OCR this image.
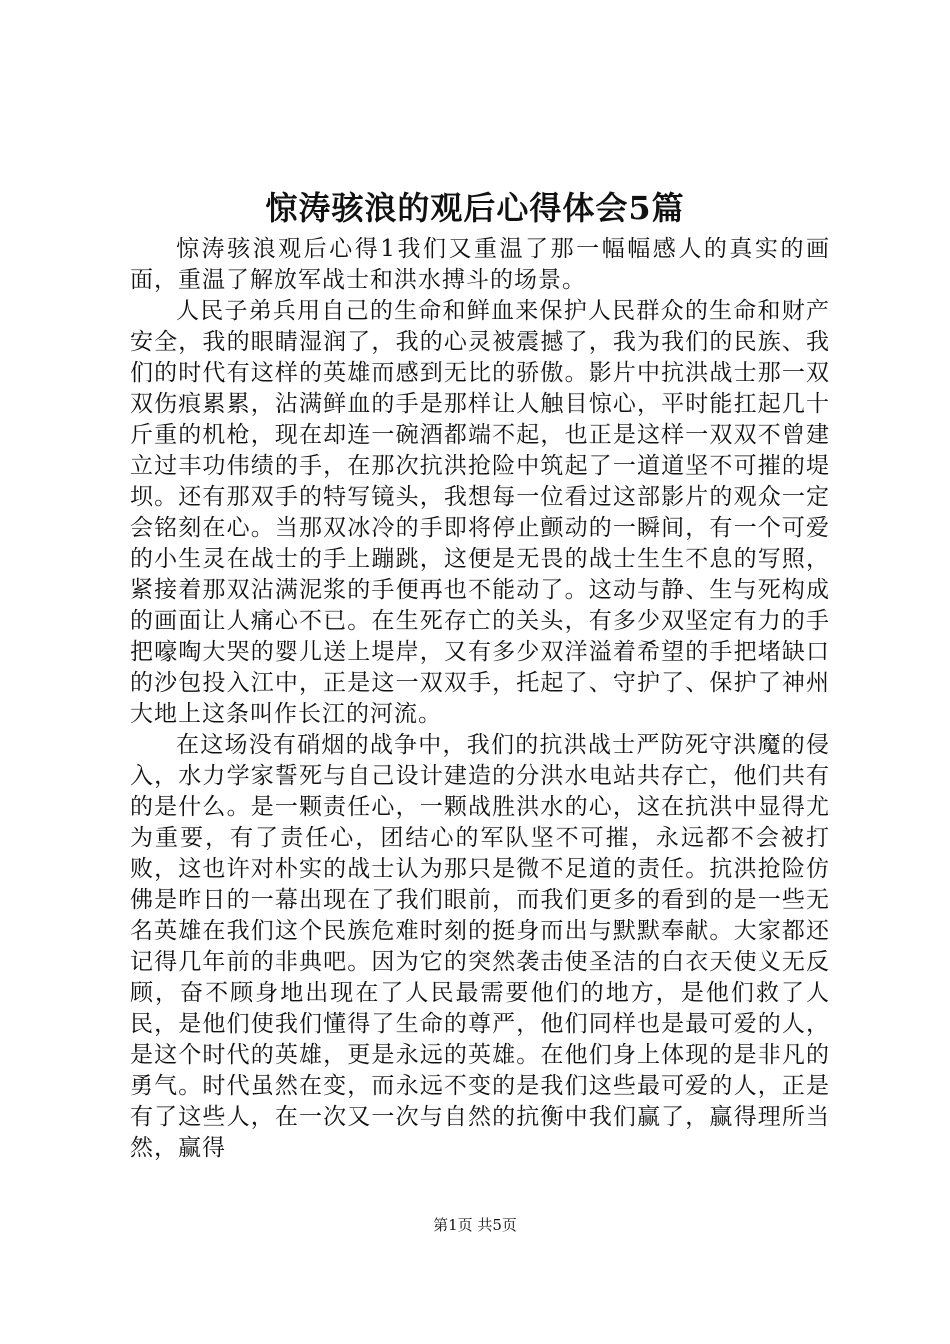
惊涛骇浪的观后心得体会5篇

惊涛骇浪观后心得1我们又重温了那一幅幅感人的真实的画面，重温了解放军战士和洪水搏斗的场景。

人民子弟兵用自己的生命和鲜血来保护人民群众的生命和财产安全，我的眼睛湿润了，我的心灵被震撼了，我为我们的民族、我们的时代有这样的英雄而感到无比的骄傲。影片中抗洪战士那一双双伤痕累累，沾满鲜血的手是那样让人触目惊心，平时能扛起几十斤重的机枪，现在却连一碗酒都端不起，也正是这样一双双不曾建立过丰功伟绩的手，在那次抗洪抢险中筑起了一道道坚不可摧的堤坝。还有那双手的特写镜头，我想每一位看过这部影片的观众一定会铭刻在心。当那双冰冷的手即将停止颤动的一瞬间，有一个可爱的小生灵在战士的手上蹦跳，这便是无畏的战士生生不息的写照，紧接着那双沾满泥浆的手便再也不能动了。这动与静、生与死构成的画面让人痛心不已。在生死存亡的关头，有多少双坚定有力的手把嚎啕大哭的婴儿送上堤岸，又有多少双洋溢着希望的手把堵缺口的沙包投入江中，正是这一双双手，托起了、守护了、保护了神州大地上这条叫作长江的河流。

在这场没有硝烟的战争中，我们的抗洪战士严防死守洪魔的侵入，水力学家誓死与自己设计建造的分洪水电站共存亡，他们共有的是什么。是一颗责任心，一颗战胜洪水的心，这在抗洪中显得尤为重要，有了责任心，团结心的军队坚不可摧，永远都不会被打败，这也许对朴实的战士认为那只是微不足道的责任。抗洪抢险仿佛是昨日的一幕出现在了我们眼前，而我们更多的看到的是一些无名英雄在我们这个民族危难时刻的挺身而出与默默奉献。大家都还记得几年前的非典吧。因为它的突然袭击使圣洁的白衣天使义无反顾，奋不顾身地出现在了人民最需要他们的地方，是他们救了人民，是他们使我们懂得了生命的尊严，他们同样也是最可爱的人，是这个时代的英雄，更是永远的英雄。在他们身上体现的是非凡的勇气。时代虽然在变，而永远不变的是我们这些最可爱的人，正是有了这些人，在一次又一次与自然的抗衡中我们赢了，赢得理所当然，赢得

第1页 共5页
